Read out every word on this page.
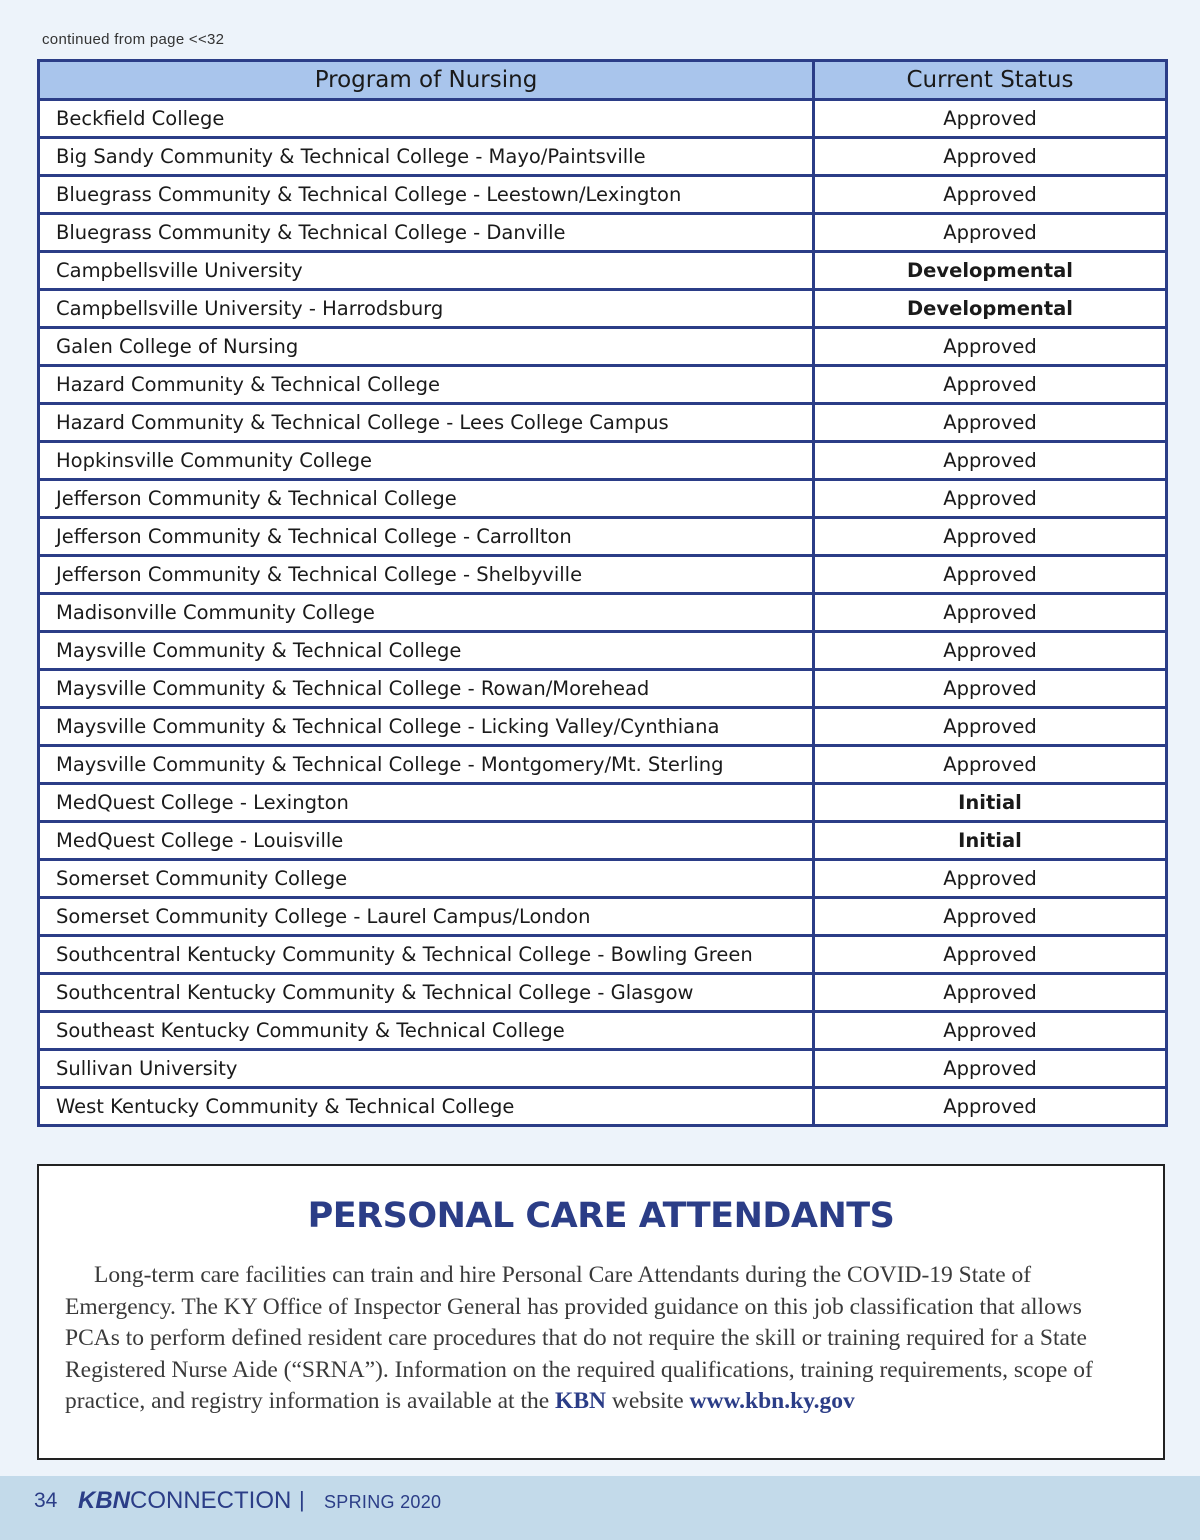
continued from page <<32
Program of Nursing	Current Status
Beckfield College	Approved
Big Sandy Community & Technical College - Mayo/Paintsville	Approved
Bluegrass Community & Technical College - Leestown/Lexington	Approved
Bluegrass Community & Technical College - Danville	Approved
Campbellsville University	Developmental
Campbellsville University - Harrodsburg	Developmental
Galen College of Nursing	Approved
Hazard Community & Technical College	Approved
Hazard Community & Technical College - Lees College Campus	Approved
Hopkinsville Community College	Approved
Jefferson Community & Technical College	Approved
Jefferson Community & Technical College - Carrollton	Approved
Jefferson Community & Technical College - Shelbyville	Approved
Madisonville Community College	Approved
Maysville Community & Technical College	Approved
Maysville Community & Technical College - Rowan/Morehead	Approved
Maysville Community & Technical College - Licking Valley/Cynthiana	Approved
Maysville Community & Technical College - Montgomery/Mt. Sterling	Approved
MedQuest College - Lexington	Initial
MedQuest College - Louisville	Initial
Somerset Community College	Approved
Somerset Community College - Laurel Campus/London	Approved
Southcentral Kentucky Community & Technical College - Bowling Green	Approved
Southcentral Kentucky Community & Technical College - Glasgow	Approved
Southeast Kentucky Community & Technical College	Approved
Sullivan University	Approved
West Kentucky Community & Technical College	Approved
PERSONAL CARE ATTENDANTS
Long-term care facilities can train and hire Personal Care Attendants during the COVID-19 State of Emergency. The KY Office of Inspector General has provided guidance on this job classification that allows PCAs to perform defined resident care procedures that do not require the skill or training required for a State Registered Nurse Aide (“SRNA”). Information on the required qualifications, training requirements, scope of practice, and registry information is available at the KBN website www.kbn.ky.gov
34 KBNCONNECTION | SPRING 2020
